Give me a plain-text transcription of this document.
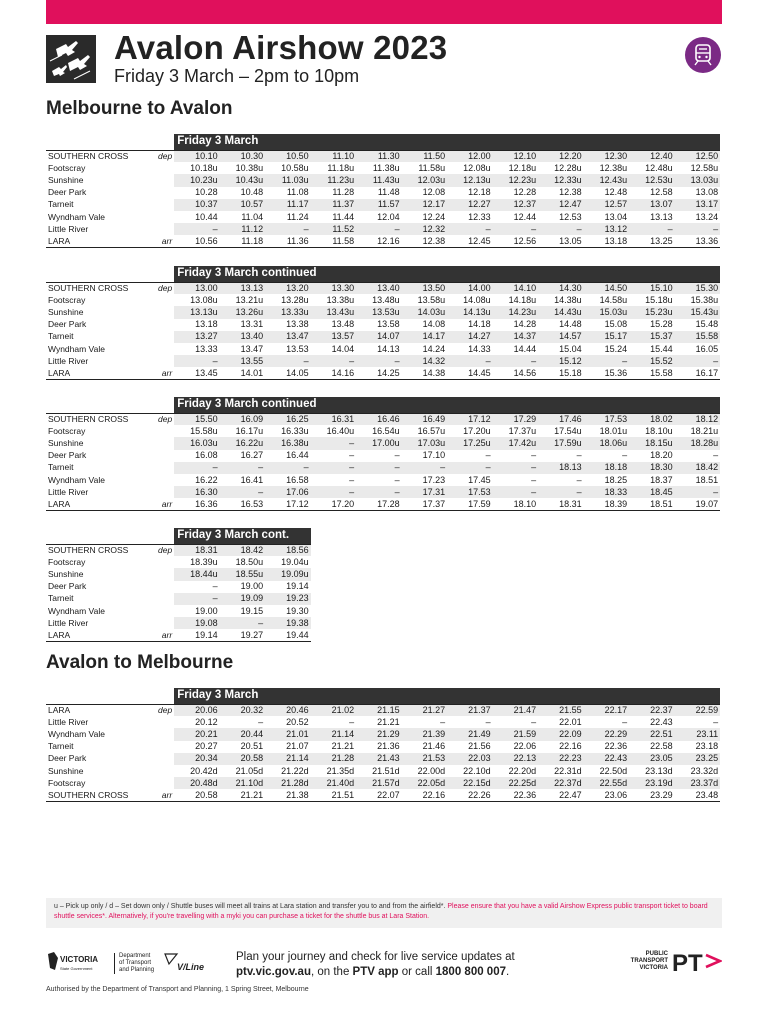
Avalon Airshow 2023
Friday 3 March – 2pm to 10pm
Melbourne to Avalon
Avalon to Melbourne
		Friday 3 March											
SOUTHERN CROSS	dep	10.10	10.30	10.50	11.10	11.30	11.50	12.00	12.10	12.20	12.30	12.40	12.50
Footscray		10.18u	10.38u	10.58u	11.18u	11.38u	11.58u	12.08u	12.18u	12.28u	12.38u	12.48u	12.58u
Sunshine		10.23u	10.43u	11.03u	11.23u	11.43u	12.03u	12.13u	12.23u	12.33u	12.43u	12.53u	13.03u
Deer Park		10.28	10.48	11.08	11.28	11.48	12.08	12.18	12.28	12.38	12.48	12.58	13.08
Tarneit		10.37	10.57	11.17	11.37	11.57	12.17	12.27	12.37	12.47	12.57	13.07	13.17
Wyndham Vale		10.44	11.04	11.24	11.44	12.04	12.24	12.33	12.44	12.53	13.04	13.13	13.24
Little River		–	11.12	–	11.52	–	12.32	–	–	–	13.12	–	–
LARA	arr	10.56	11.18	11.36	11.58	12.16	12.38	12.45	12.56	13.05	13.18	13.25	13.36
		Friday 3 March continued											
SOUTHERN CROSS	dep	13.00	13.13	13.20	13.30	13.40	13.50	14.00	14.10	14.30	14.50	15.10	15.30
Footscray		13.08u	13.21u	13.28u	13.38u	13.48u	13.58u	14.08u	14.18u	14.38u	14.58u	15.18u	15.38u
Sunshine		13.13u	13.26u	13.33u	13.43u	13.53u	14.03u	14.13u	14.23u	14.43u	15.03u	15.23u	15.43u
Deer Park		13.18	13.31	13.38	13.48	13.58	14.08	14.18	14.28	14.48	15.08	15.28	15.48
Tarneit		13.27	13.40	13.47	13.57	14.07	14.17	14.27	14.37	14.57	15.17	15.37	15.58
Wyndham Vale		13.33	13.47	13.53	14.04	14.13	14.24	14.33	14.44	15.04	15.24	15.44	16.05
Little River		–	13.55	–	–	–	14.32	–	–	15.12	–	15.52	–
LARA	arr	13.45	14.01	14.05	14.16	14.25	14.38	14.45	14.56	15.18	15.36	15.58	16.17
		Friday 3 March continued											
SOUTHERN CROSS	dep	15.50	16.09	16.25	16.31	16.46	16.49	17.12	17.29	17.46	17.53	18.02	18.12
Footscray		15.58u	16.17u	16.33u	16.40u	16.54u	16.57u	17.20u	17.37u	17.54u	18.01u	18.10u	18.21u
Sunshine		16.03u	16.22u	16.38u	–	17.00u	17.03u	17.25u	17.42u	17.59u	18.06u	18.15u	18.28u
Deer Park		16.08	16.27	16.44	–	–	17.10	–	–	–	–	18.20	–
Tarneit		–	–	–	–	–	–	–	–	18.13	18.18	18.30	18.42
Wyndham Vale		16.22	16.41	16.58	–	–	17.23	17.45	–	–	18.25	18.37	18.51
Little River		16.30	–	17.06	–	–	17.31	17.53	–	–	18.33	18.45	–
LARA	arr	16.36	16.53	17.12	17.20	17.28	17.37	17.59	18.10	18.31	18.39	18.51	19.07
		Friday 3 March cont.		
SOUTHERN CROSS	dep	18.31	18.42	18.56
Footscray		18.39u	18.50u	19.04u
Sunshine		18.44u	18.55u	19.09u
Deer Park		–	19.00	19.14
Tarneit		–	19.09	19.23
Wyndham Vale		19.00	19.15	19.30
Little River		19.08	–	19.38
LARA	arr	19.14	19.27	19.44
		Friday 3 March											
LARA	dep	20.06	20.32	20.46	21.02	21.15	21.27	21.37	21.47	21.55	22.17	22.37	22.59
Little River		20.12	–	20.52	–	21.21	–	–	–	22.01	–	22.43	–
Wyndham Vale		20.21	20.44	21.01	21.14	21.29	21.39	21.49	21.59	22.09	22.29	22.51	23.11
Tarneit		20.27	20.51	21.07	21.21	21.36	21.46	21.56	22.06	22.16	22.36	22.58	23.18
Deer Park		20.34	20.58	21.14	21.28	21.43	21.53	22.03	22.13	22.23	22.43	23.05	23.25
Sunshine		20.42d	21.05d	21.22d	21.35d	21.51d	22.00d	22.10d	22.20d	22.31d	22.50d	23.13d	23.32d
Footscray		20.48d	21.10d	21.28d	21.40d	21.57d	22.05d	22.15d	22.25d	22.37d	22.55d	23.19d	23.37d
SOUTHERN CROSS	arr	20.58	21.21	21.38	21.51	22.07	22.16	22.26	22.36	22.47	23.06	23.29	23.48
u – Pick up only / d – Set down only / Shuttle buses will meet all trains at Lara station and transfer you to and from the airfield*. Please ensure that you have a valid Airshow Express public transport ticket to board shuttle services*. Alternatively, if you're travelling with a myki you can purchase a ticket for the shuttle bus at Lara Station.
VICTORIA
State Government
Department
of Transport
and Planning	V/Line
Plan your journey and check for live service updates at
ptv.vic.gov.au, on the PTV app or call 1800 800 007.
PUBLIC
TRANSPORT
VICTORIA PT
Authorised by the Department of Transport and Planning, 1 Spring Street, Melbourne
